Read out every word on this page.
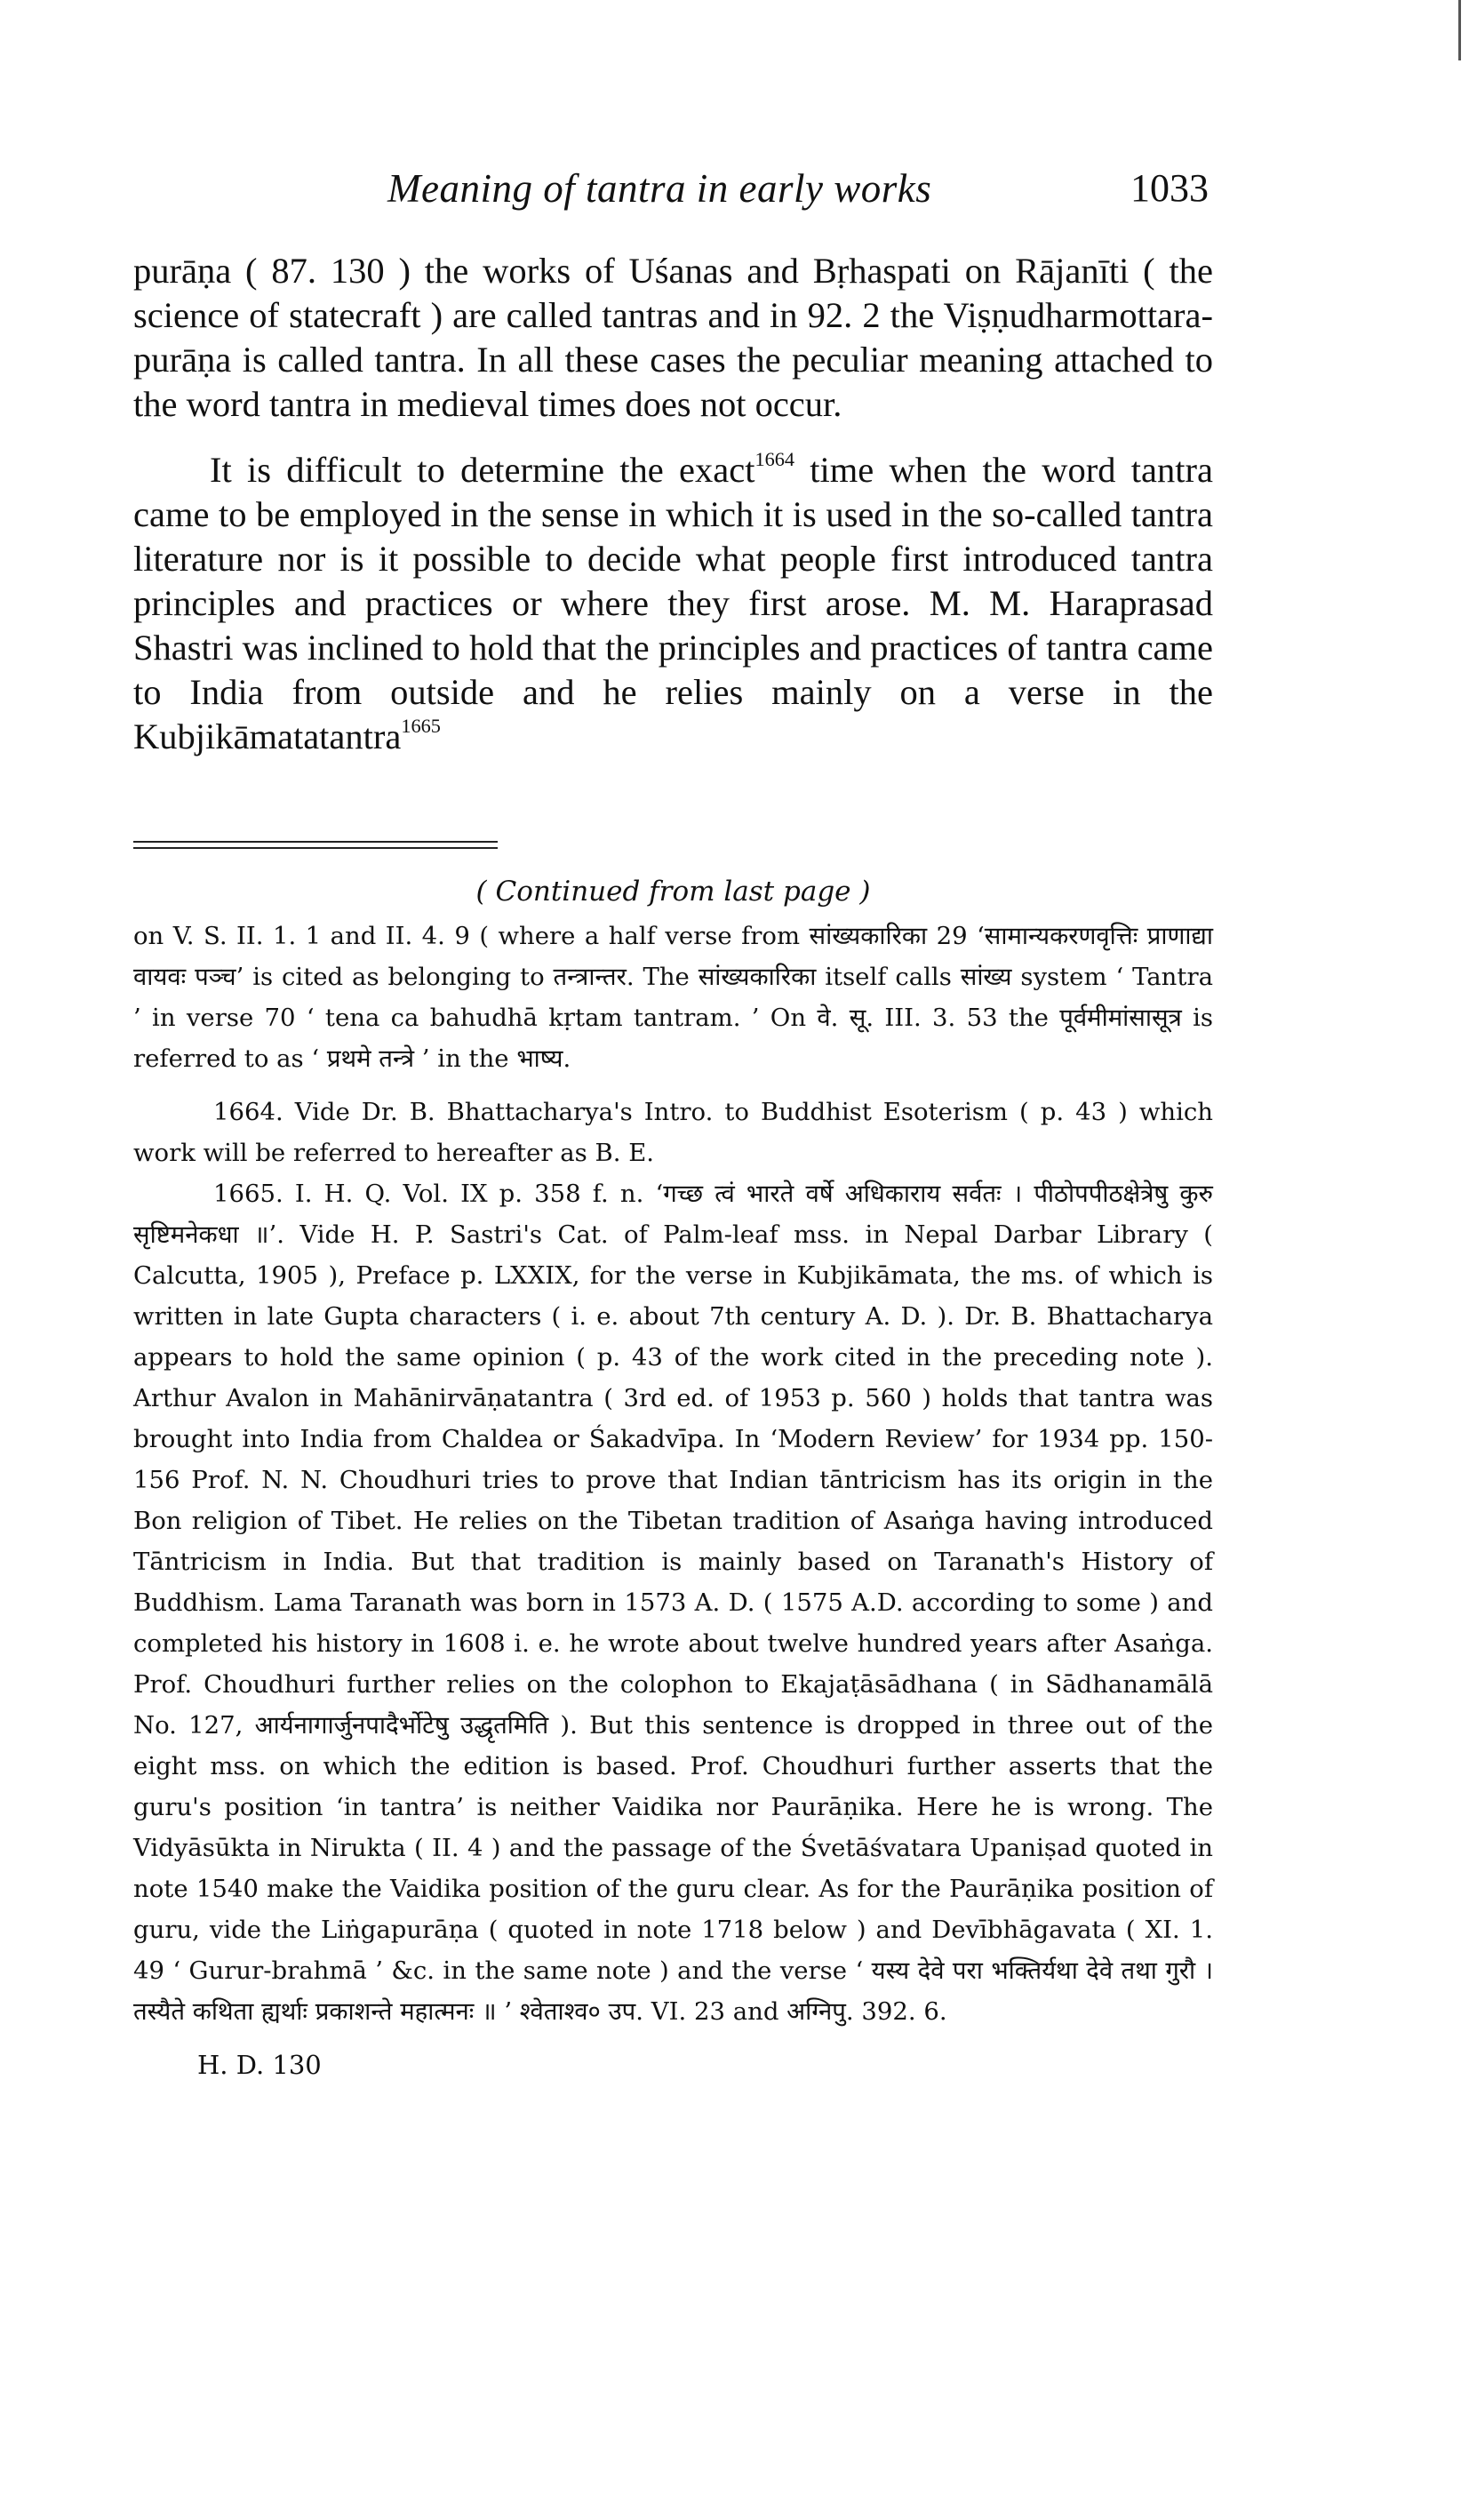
Meaning of tantra in early works	1033

purāṇa ( 87. 130 ) the works of Uśanas and Bṛhaspati on Rājanīti ( the science of statecraft ) are called tantras and in 92. 2 the Viṣṇudharmottara-purāṇa is called tantra. In all these cases the peculiar meaning attached to the word tantra in medieval times does not occur.

It is difficult to determine the exact$^{1664}$ time when the word tantra came to be employed in the sense in which it is used in the so-called tantra literature nor is it possible to decide what people first introduced tantra principles and practices or where they first arose. M. M. Haraprasad Shastri was inclined to hold that the principles and practices of tantra came to India from outside and he relies mainly on a verse in the Kubjikāmatatantra$^{1665}$

( Continued from last page )

on V. S. II. 1. 1 and II. 4. 9 ( where a half verse from सांख्यकारिका 29 ‘सामान्यकरणवृत्तिः प्राणाद्या वायवः पञ्च’ is cited as belonging to तन्त्रान्तर. The सांख्यकारिका itself calls सांख्य system ‘ Tantra ’ in verse 70 ‘ tena ca bahudhā kṛtam tantram. ’ On वे. सू. III. 3. 53 the पूर्वमीमांसासूत्र is referred to as ‘ प्रथमे तन्त्रे ’ in the भाष्य.

1664. Vide Dr. B. Bhattacharya's Intro. to Buddhist Esoterism ( p. 43 ) which work will be referred to hereafter as B. E.

1665. I. H. Q. Vol. IX p. 358 f. n. ‘गच्छ त्वं भारते वर्षे अधिकाराय सर्वतः । पीठोपपीठक्षेत्रेषु कुरु सृष्टिमनेकधा ॥’. Vide H. P. Sastri's Cat. of Palm-leaf mss. in Nepal Darbar Library ( Calcutta, 1905 ), Preface p. LXXIX, for the verse in Kubjikāmata, the ms. of which is written in late Gupta characters ( i. e. about 7th century A. D. ). Dr. B. Bhattacharya appears to hold the same opinion ( p. 43 of the work cited in the preceding note ). Arthur Avalon in Mahānirvāṇatantra ( 3rd ed. of 1953 p. 560 ) holds that tantra was brought into India from Chaldea or Śakadvīpa. In ‘Modern Review’ for 1934 pp. 150-156 Prof. N. N. Choudhuri tries to prove that Indian tāntricism has its origin in the Bon religion of Tibet. He relies on the Tibetan tradition of Asaṅga having introduced Tāntricism in India. But that tradition is mainly based on Taranath's History of Buddhism. Lama Taranath was born in 1573 A. D. ( 1575 A.D. according to some ) and completed his history in 1608 i. e. he wrote about twelve hundred years after Asaṅga. Prof. Choudhuri further relies on the colophon to Ekajaṭāsādhana ( in Sādhanamālā No. 127, आर्यनागार्जुनपादैर्भोटेषु उद्धृतमिति ). But this sentence is dropped in three out of the eight mss. on which the edition is based. Prof. Choudhuri further asserts that the guru's position ‘in tantra’ is neither Vaidika nor Paurāṇika. Here he is wrong. The Vidyāsūkta in Nirukta ( II. 4 ) and the passage of the Śvetāśvatara Upaniṣad quoted in note 1540 make the Vaidika position of the guru clear. As for the Paurāṇika position of guru, vide the Liṅgapurāṇa ( quoted in note 1718 below ) and Devībhāgavata ( XI. 1. 49 ‘ Gurur-brahmā ’ &c. in the same note ) and the verse ‘ यस्य देवे परा भक्तिर्यथा देवे तथा गुरौ । तस्यैते कथिता ह्यर्थाः प्रकाशन्ते महात्मनः ॥ ’ श्वेताश्व० उप. VI. 23 and अग्निपु. 392. 6.

H. D. 130
